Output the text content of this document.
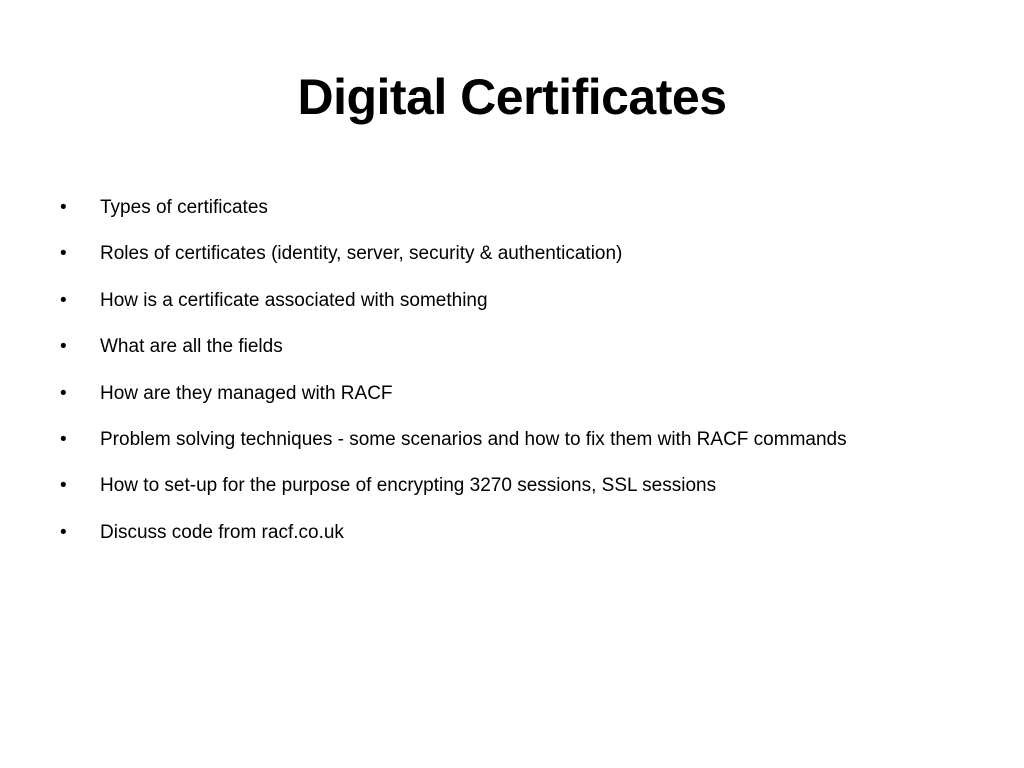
Digital Certificates
• Types of certificates
• Roles of certificates (identity, server, security & authentication)
• How is a certificate associated with something
• What are all the fields
• How are they managed with RACF
• Problem solving techniques - some scenarios and how to fix them with RACF commands
• How to set-up for the purpose of encrypting 3270 sessions, SSL sessions
• Discuss code from racf.co.uk
